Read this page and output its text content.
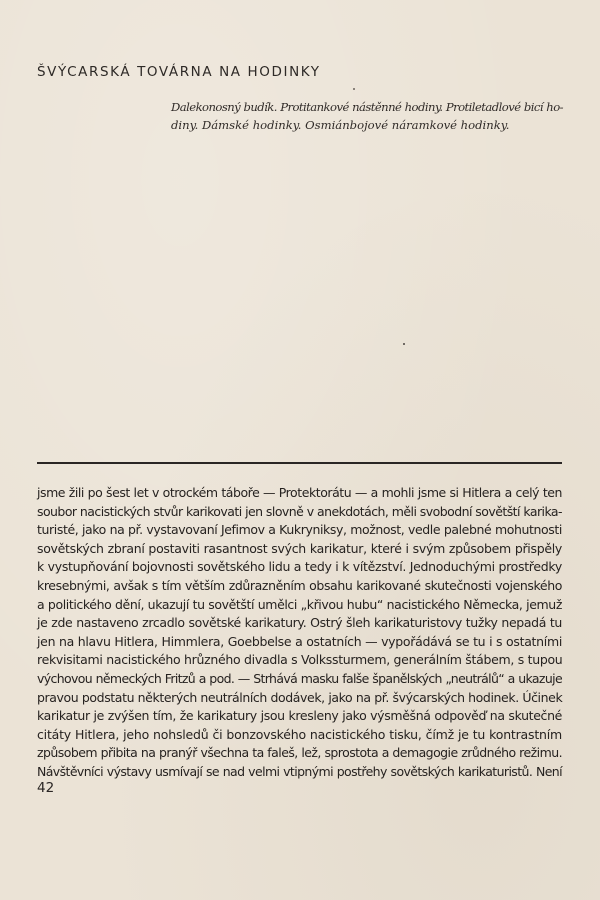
ŠVÝCARSKÁ TOVÁRNA NA HODINKY
Dalekonosný budík. Protitankové nástěnné hodiny. Protiletadlové bicí ho-
diny. Dámské hodinky. Osmiánbojové náramkové hodinky.
jsme žili po šest let v otrockém táboře — Protektorátu — a mohli jsme si Hitlera a celý ten
soubor nacistických stvůr karikovati jen slovně v anekdotách, měli svobodní sovětští karika-
turisté, jako na př. vystavovaní Jefimov a Kukryniksy, možnost, vedle palebné mohutnosti
sovětských zbraní postaviti rasantnost svých karikatur, které i svým způsobem přispěly
k vystupňování bojovnosti sovětského lidu a tedy i k vítězství. Jednoduchými prostředky
kresebnými, avšak s tím větším zdůrazněním obsahu karikované skutečnosti vojenského
a politického dění, ukazují tu sovětští umělci „křivou hubu“ nacistického Německa, jemuž
je zde nastaveno zrcadlo sovětské karikatury. Ostrý šleh karikaturistovy tužky nepadá tu
jen na hlavu Hitlera, Himmlera, Goebbelse a ostatních — vypořádává se tu i s ostatními
rekvisitami nacistického hrůzného divadla s Volkssturmem, generálním štábem, s tupou
výchovou německých Fritzů a pod. — Strhává masku falše španělských „neutrálů“ a ukazuje
pravou podstatu některých neutrálních dodávek, jako na př. švýcarských hodinek. Účinek
karikatur je zvýšen tím, že karikatury jsou kresleny jako výsměšná odpověď na skutečné
citáty Hitlera, jeho nohsledů či bonzovského nacistického tisku, čímž je tu kontrastním
způsobem přibita na pranýř všechna ta faleš, lež, sprostota a demagogie zrůdného režimu.
Návštěvníci výstavy usmívají se nad velmi vtipnými postřehy sovětských karikaturistů. Není
42
